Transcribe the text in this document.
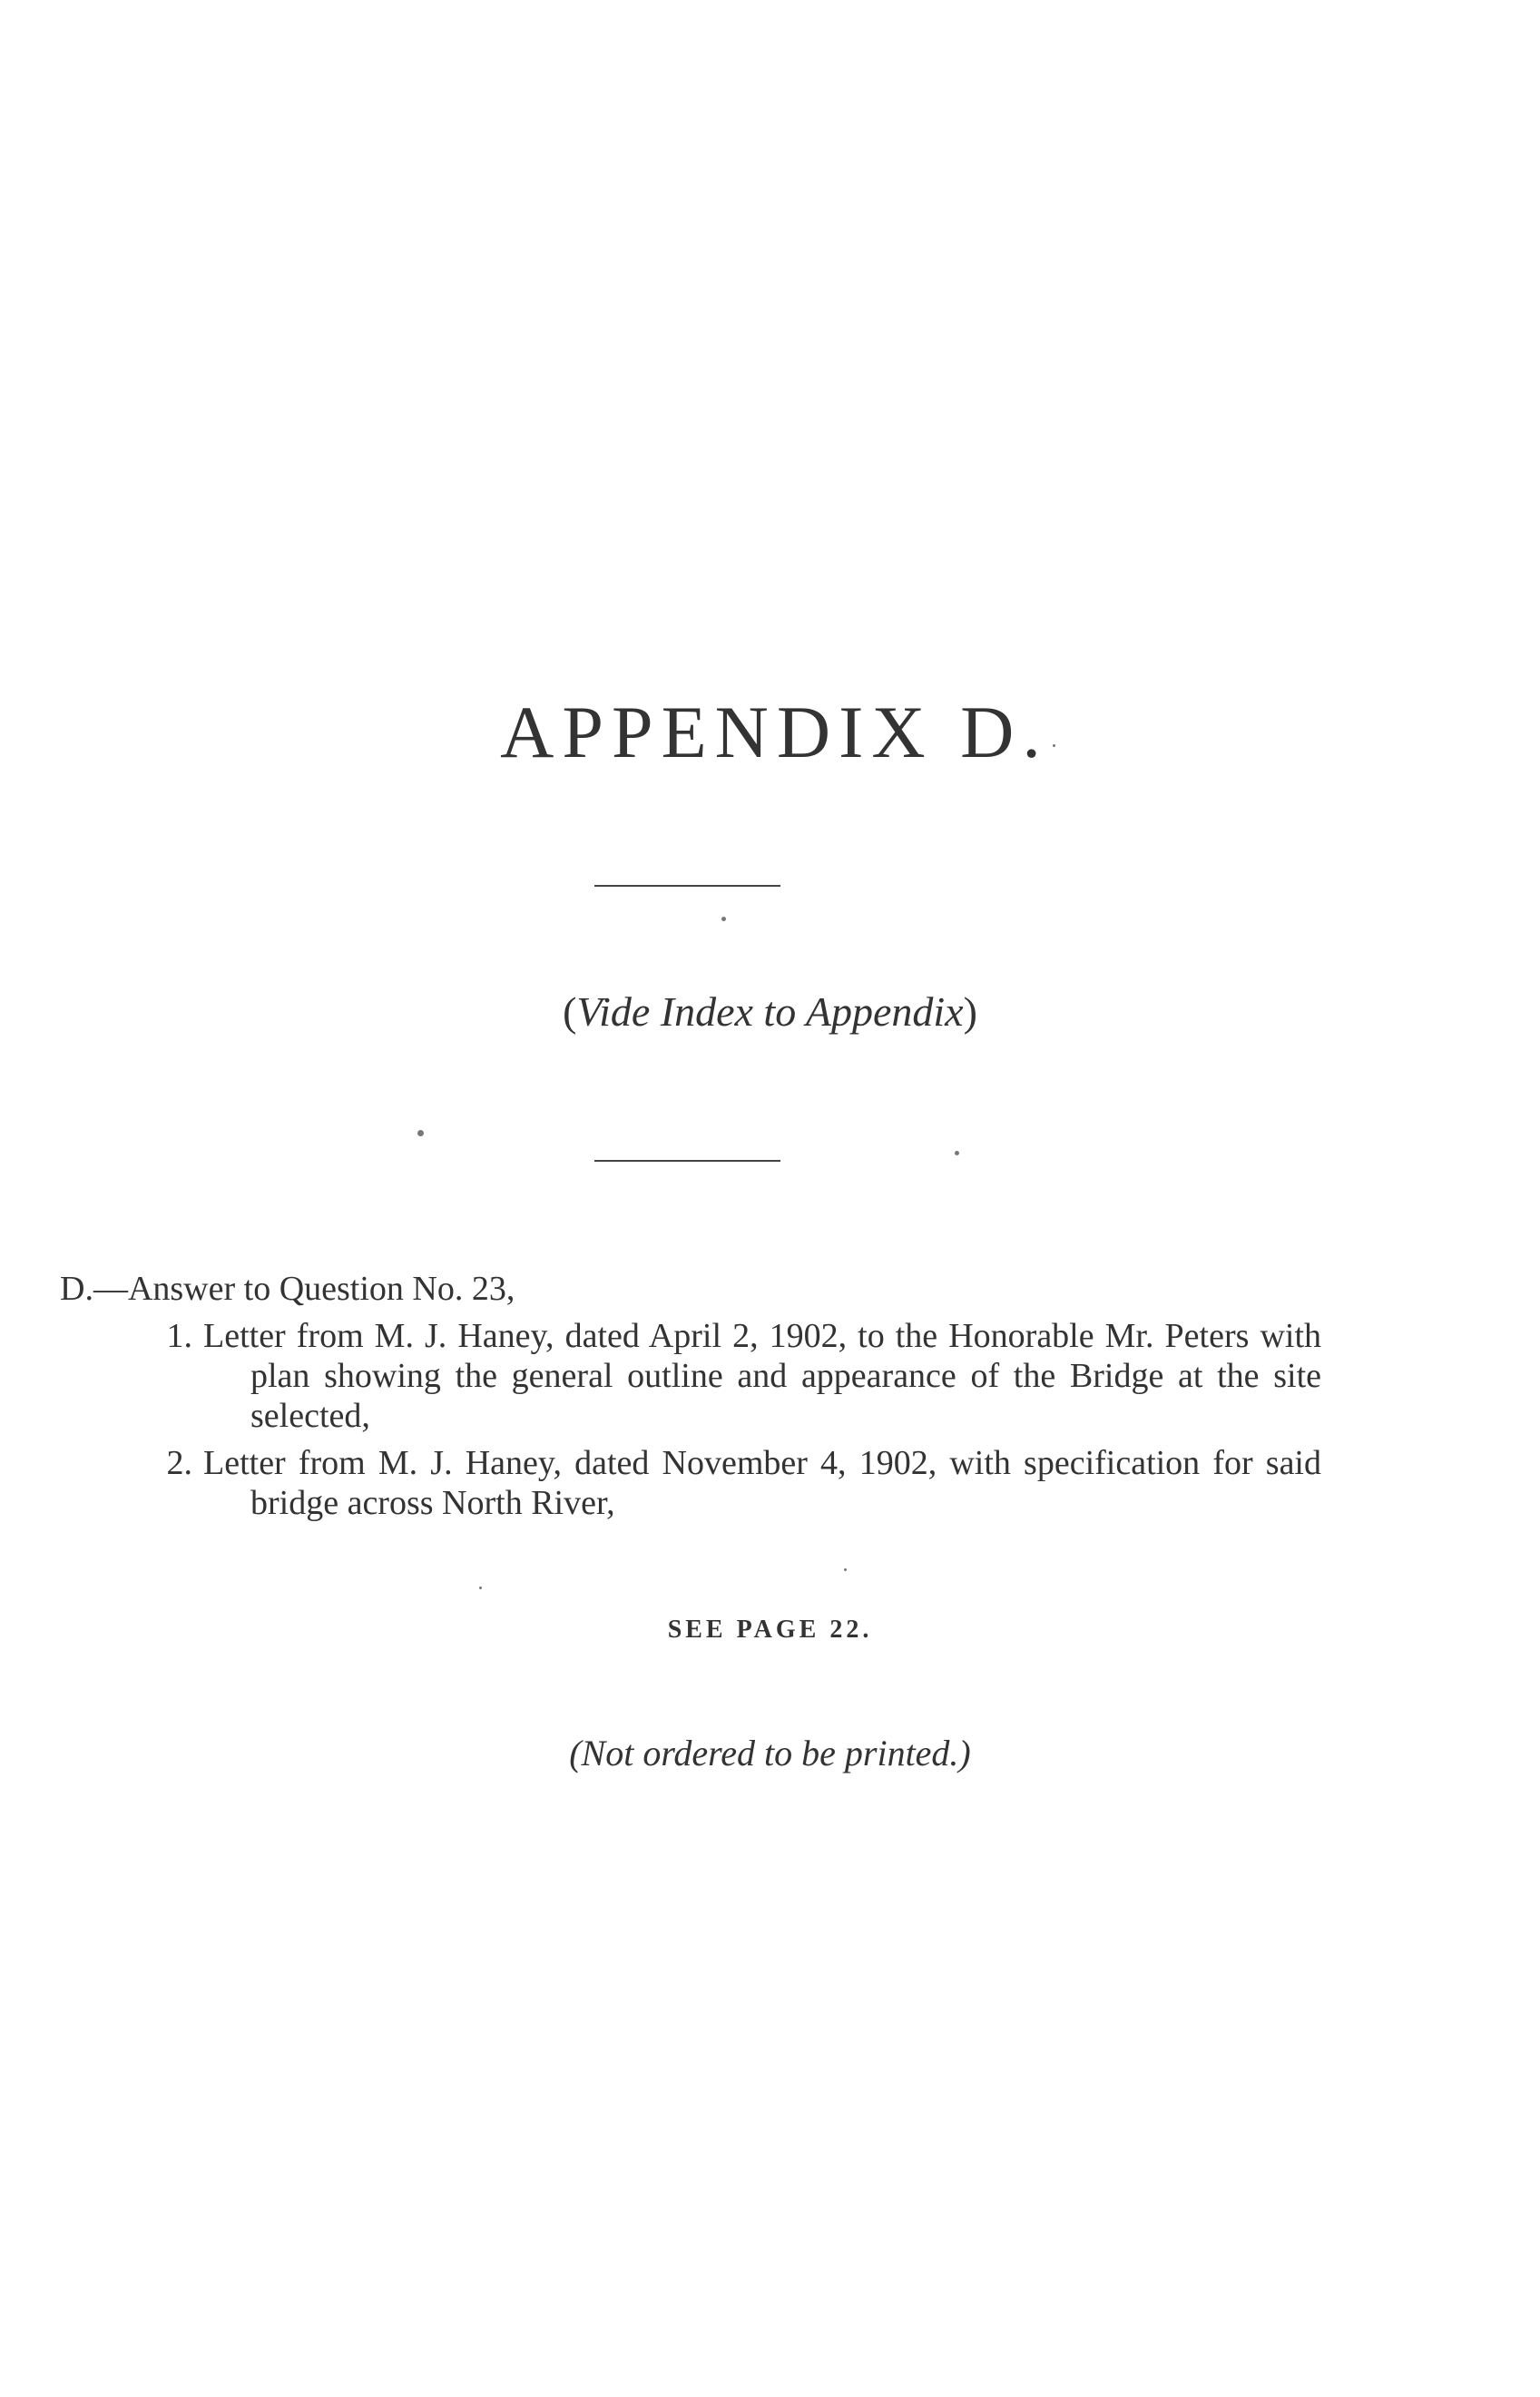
APPENDIX D.
(Vide Index to Appendix)

D.—Answer to Question No. 23,

1. Letter from M. J. Haney, dated April 2, 1902, to the Honorable Mr. Peters with plan showing the general outline and appearance of the Bridge at the site selected,
2. Letter from M. J. Haney, dated November 4, 1902, with specification for said bridge across North River,
SEE PAGE 22.
(Not ordered to be printed.)
